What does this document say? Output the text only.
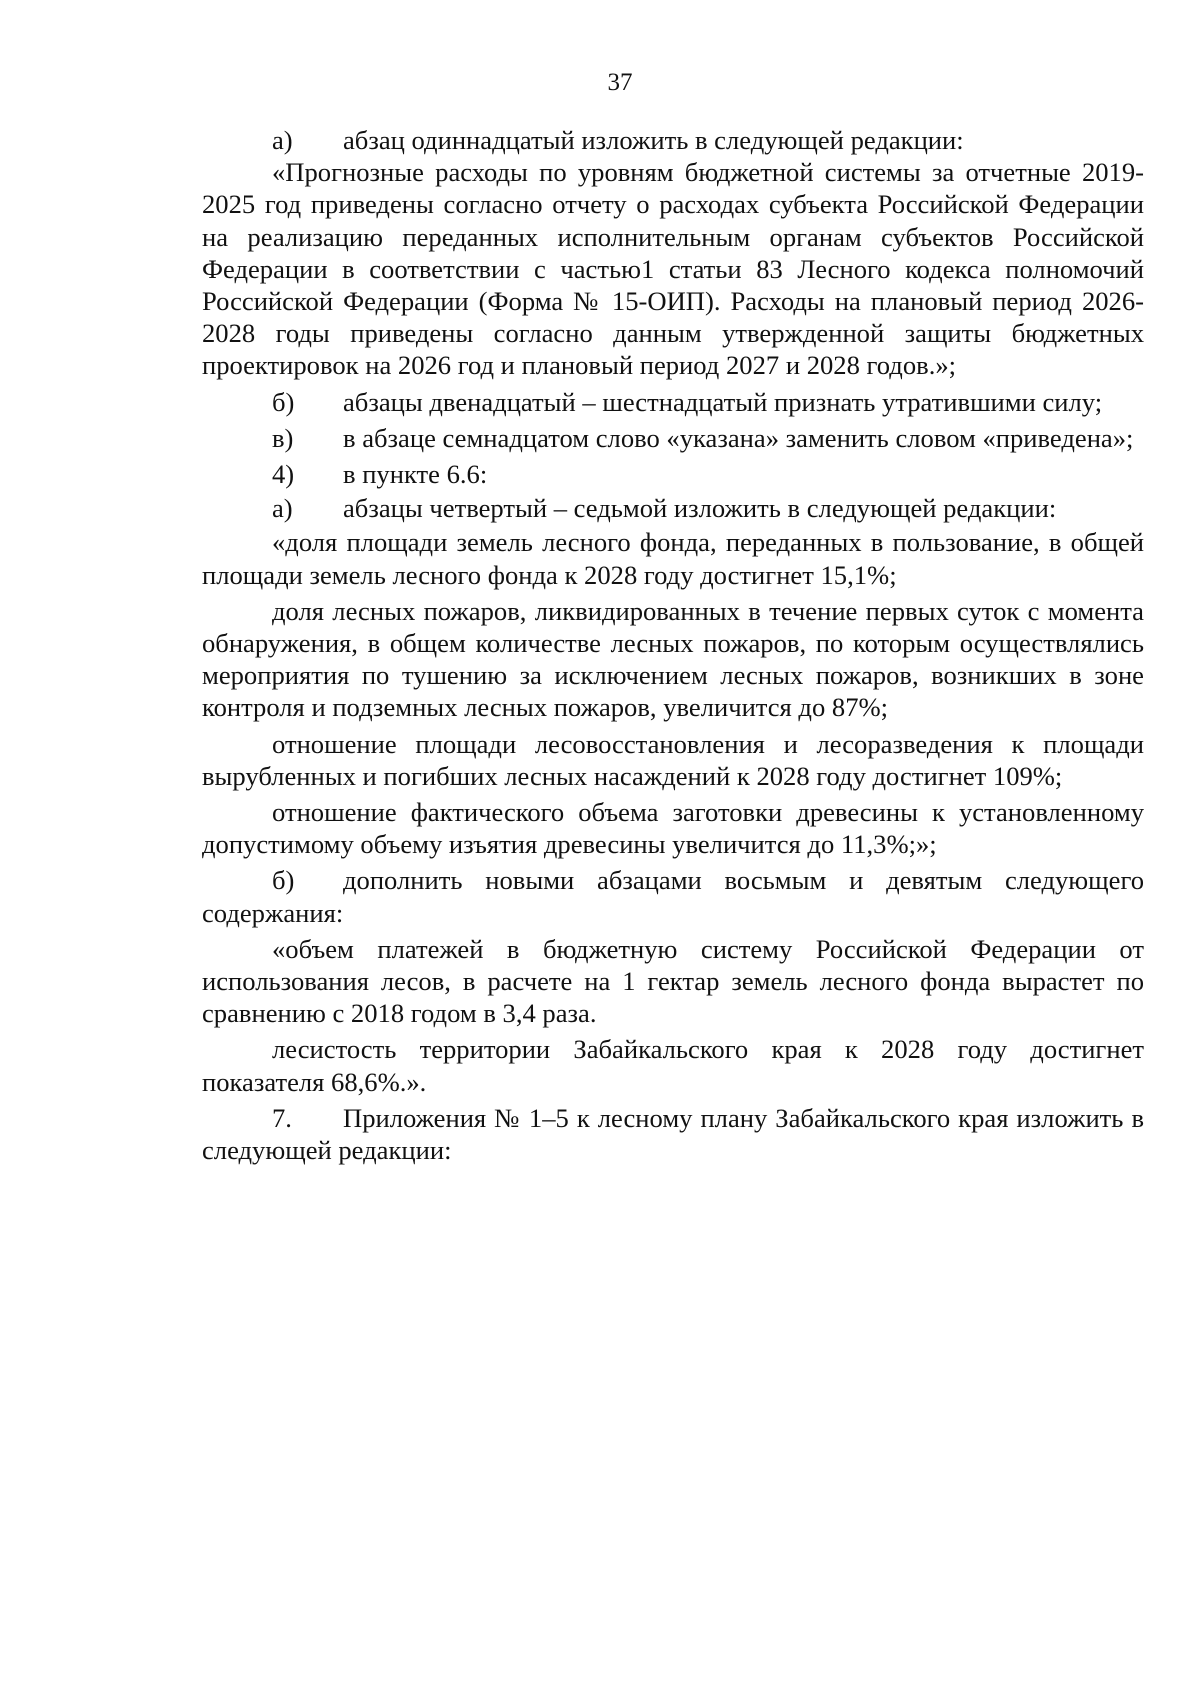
37

а) абзац одиннадцатый изложить в следующей редакции:

«Прогнозные расходы по уровням бюджетной системы за отчетные 2019-2025 год приведены согласно отчету о расходах субъекта Российской Федерации на реализацию переданных исполнительным органам субъектов Российской Федерации в соответствии с частью1 статьи 83 Лесного кодекса полномочий Российской Федерации (Форма № 15-ОИП). Расходы на плановый период 2026-2028 годы приведены согласно данным утвержденной защиты бюджетных проектировок на 2026 год и плановый период 2027 и 2028 годов.»;

б) абзацы двенадцатый – шестнадцатый признать утратившими силу;

в) в абзаце семнадцатом слово «указана» заменить словом «приведена»;

4) в пункте 6.6:

а) абзацы четвертый – седьмой изложить в следующей редакции:

«доля площади земель лесного фонда, переданных в пользование, в общей площади земель лесного фонда к 2028 году достигнет 15,1%;

доля лесных пожаров, ликвидированных в течение первых суток с момента обнаружения, в общем количестве лесных пожаров, по которым осуществлялись мероприятия по тушению за исключением лесных пожаров, возникших в зоне контроля и подземных лесных пожаров, увеличится до 87%;

отношение площади лесовосстановления и лесоразведения к площади вырубленных и погибших лесных насаждений к 2028 году достигнет 109%;

отношение фактического объема заготовки древесины к установленному допустимому объему изъятия древесины увеличится до 11,3%;»;

б) дополнить новыми абзацами восьмым и девятым следующего содержания:

«объем платежей в бюджетную систему Российской Федерации от использования лесов, в расчете на 1 гектар земель лесного фонда вырастет по сравнению с 2018 годом в 3,4 раза.

лесистость территории Забайкальского края к 2028 году достигнет показателя 68,6%.».

7. Приложения № 1–5 к лесному плану Забайкальского края изложить в следующей редакции:
